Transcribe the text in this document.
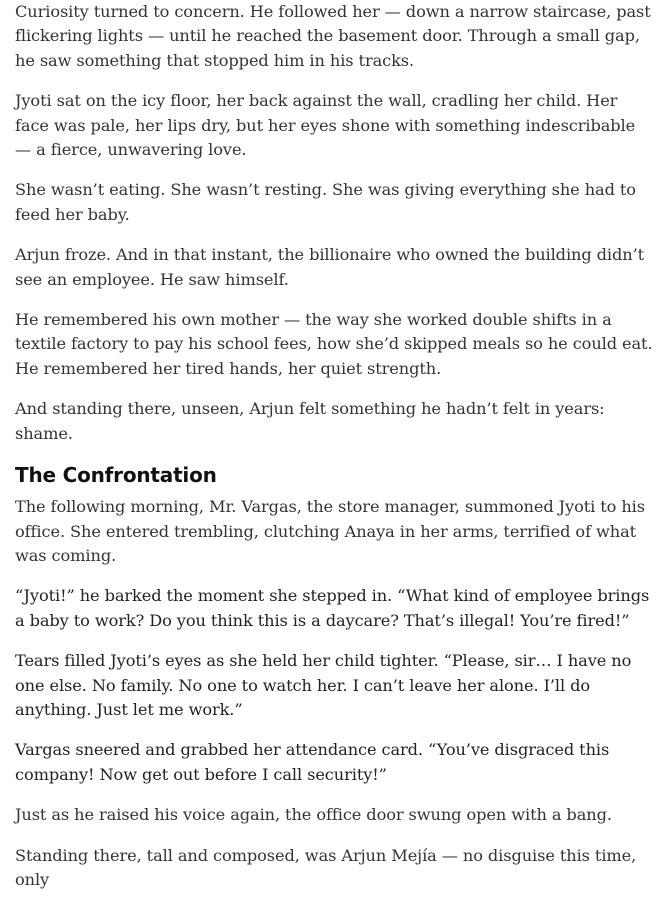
Curiosity turned to concern. He followed her — down a narrow staircase, past flickering lights — until he reached the basement door. Through a small gap, he saw something that stopped him in his tracks.

Jyoti sat on the icy floor, her back against the wall, cradling her child. Her face was pale, her lips dry, but her eyes shone with something indescribable — a fierce, unwavering love.

She wasn’t eating. She wasn’t resting. She was giving everything she had to feed her baby.

Arjun froze. And in that instant, the billionaire who owned the building didn’t see an employee. He saw himself.

He remembered his own mother — the way she worked double shifts in a textile factory to pay his school fees, how she’d skipped meals so he could eat. He remembered her tired hands, her quiet strength.

And standing there, unseen, Arjun felt something he hadn’t felt in years: shame.

The Confrontation

The following morning, Mr. Vargas, the store manager, summoned Jyoti to his office. She entered trembling, clutching Anaya in her arms, terrified of what was coming.

“Jyoti!” he barked the moment she stepped in. “What kind of employee brings a baby to work? Do you think this is a daycare? That’s illegal! You’re fired!”

Tears filled Jyoti’s eyes as she held her child tighter. “Please, sir… I have no one else. No family. No one to watch her. I can’t leave her alone. I’ll do anything. Just let me work.”

Vargas sneered and grabbed her attendance card. “You’ve disgraced this company! Now get out before I call security!”

Just as he raised his voice again, the office door swung open with a bang.

Standing there, tall and composed, was Arjun Mejía — no disguise this time, only
